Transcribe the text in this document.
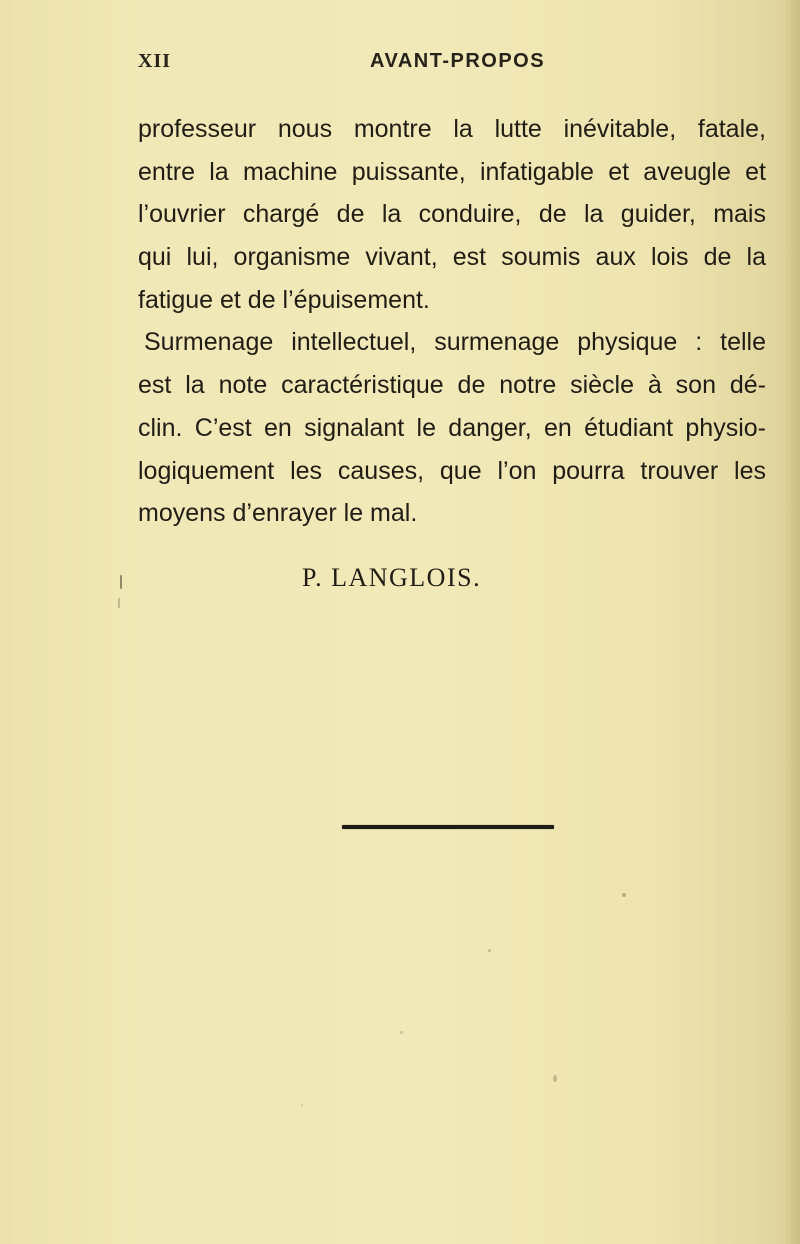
XII	AVANT-PROPOS
professeur nous montre la lutte inévitable, fatale,
entre la machine puissante, infatigable et aveugle et
l’ouvrier chargé de la conduire, de la guider, mais
qui lui, organisme vivant, est soumis aux lois de la
fatigue et de l’épuisement.
Surmenage intellectuel, surmenage physique : telle
est la note caractéristique de notre siècle à son dé-
clin. C’est en signalant le danger, en étudiant physio-
logiquement les causes, que l’on pourra trouver les
moyens d’enrayer le mal.
P. LANGLOIS.
